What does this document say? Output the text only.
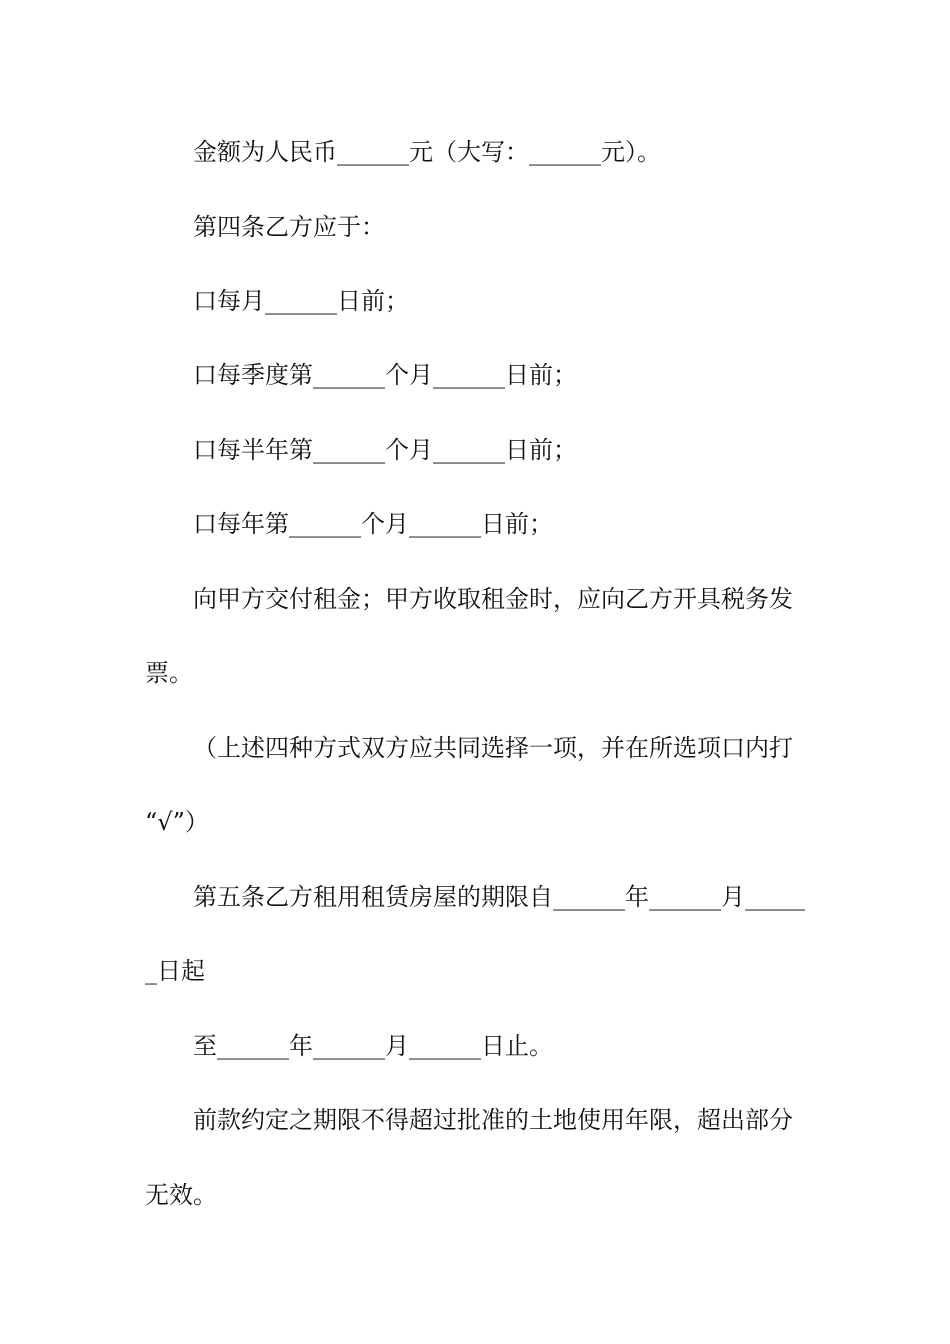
金额为人民币______元（大写：______元）。
第四条乙方应于：
口每月______日前；
口每季度第______个月______日前；
口每半年第______个月______日前；
口每年第______个月______日前；
向甲方交付租金；甲方收取租金时，应向乙方开具税务发
票。
（上述四种方式双方应共同选择一项，并在所选项口内打
“√”）
第五条乙方租用租赁房屋的期限自______年______月_____
_日起
至______年______月______日止。
前款约定之期限不得超过批准的土地使用年限，超出部分
无效。
